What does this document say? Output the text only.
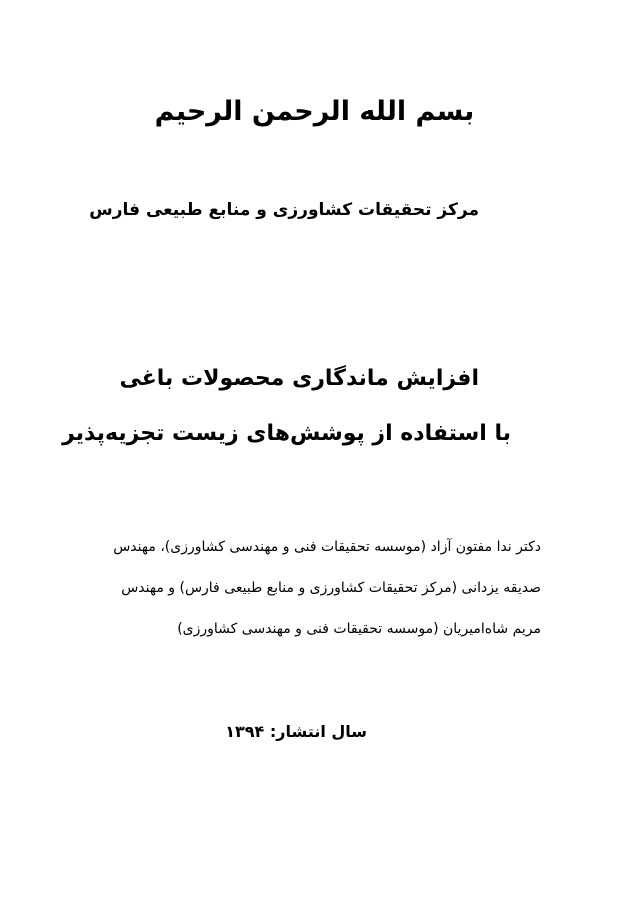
بسم الله الرحمن الرحیم
مرکز تحقیقات کشاورزی و منابع طبیعی فارس
افزایش ماندگاری محصولات باغی
با استفاده از پوشش‌های زیست تجزیه‌پذیر
دکتر ندا مفتون آزاد (موسسه تحقیقات فنی و مهندسی کشاورزی)، مهندس
صدیقه یزدانی (مرکز تحقیقات کشاورزی و منابع طبیعی فارس) و مهندس
مریم شاه‌امیریان (موسسه تحقیقات فنی و مهندسی کشاورزی)
سال انتشار: ۱۳۹۴
